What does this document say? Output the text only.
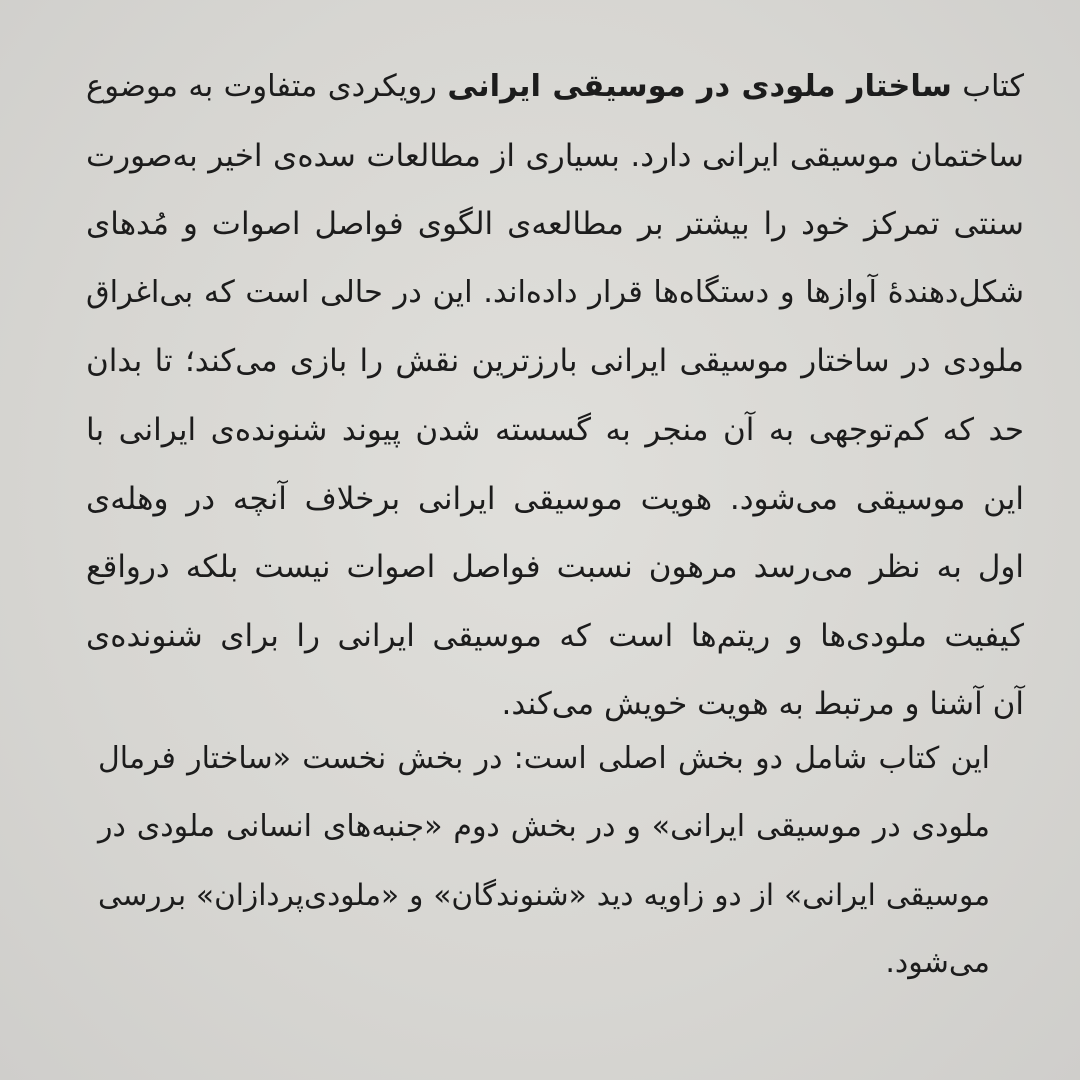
کتاب ساختار ملودی در موسیقی ایرانی رویکردی متفاوت به موضوع
ساختمان موسیقی ایرانی دارد. بسیاری از مطالعات سده‌ی اخیر به‌صورت
سنتی تمرکز خود را بیشتر بر مطالعه‌ی الگوی فواصل اصوات و مُدهای
شکل‌دهندۀ آوازها و دستگاه‌ها قرار داده‌اند. این در حالی است که بی‌اغراق
ملودی در ساختار موسیقی ایرانی بارزترین نقش را بازی می‌کند؛ تا بدان
حد که کم‌توجهی به آن منجر به گسسته شدن پیوند شنونده‌ی ایرانی با
این موسیقی می‌شود. هویت موسیقی ایرانی برخلاف آنچه در وهله‌ی
اول به نظر می‌رسد مرهون نسبت فواصل اصوات نیست بلکه درواقع
کیفیت ملودی‌ها و ریتم‌ها است که موسیقی ایرانی را برای شنونده‌ی
آن آشنا و مرتبط به هویت خویش می‌کند.
این کتاب شامل دو بخش اصلی است: در بخش نخست «ساختار فرمال
ملودی در موسیقی ایرانی» و در بخش دوم «جنبه‌های انسانی ملودی در
موسیقی ایرانی» از دو زاویه دید «شنوندگان» و «ملودی‌پردازان» بررسی
می‌شود.
